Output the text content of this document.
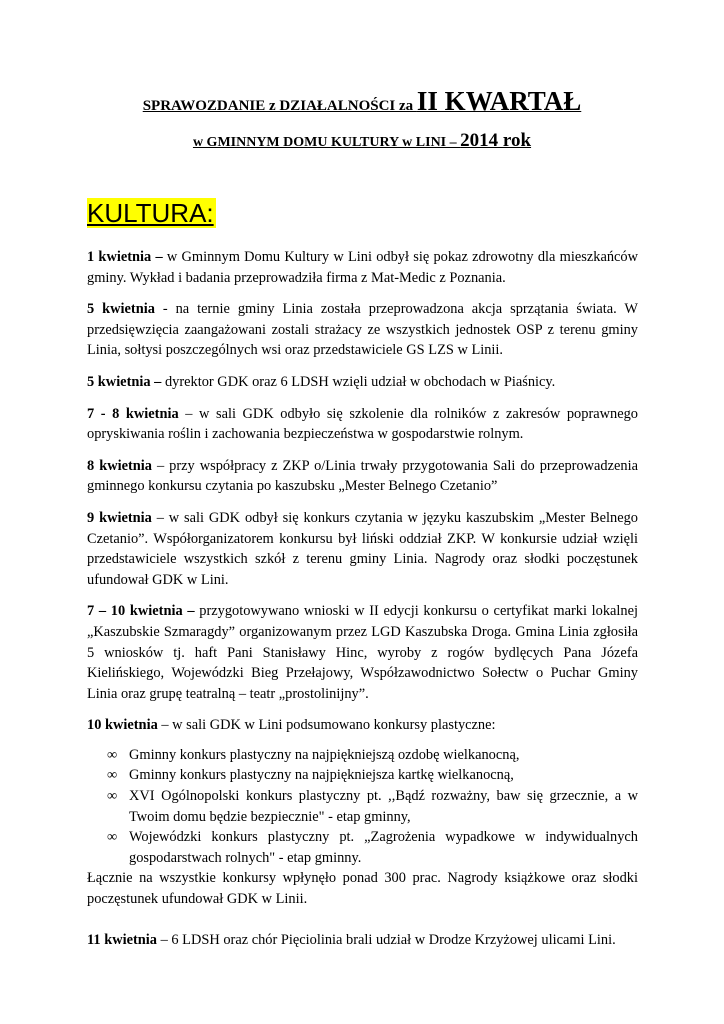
SPRAWOZDANIE z DZIAŁALNOŚCI za II KWARTAŁ
w GMINNYM DOMU KULTURY w LINI – 2014 rok
KULTURA:

1 kwietnia – w Gminnym Domu Kultury w Lini odbył się pokaz zdrowotny dla mieszkańców gminy. Wykład i badania przeprowadziła firma z Mat-Medic z Poznania.

5 kwietnia - na ternie gminy Linia została przeprowadzona akcja sprzątania świata. W przedsięwzięcia zaangażowani zostali strażacy ze wszystkich jednostek OSP z terenu gminy Linia, sołtysi poszczególnych wsi oraz przedstawiciele GS LZS w Linii.

5 kwietnia – dyrektor GDK oraz 6 LDSH wzięli udział w obchodach w Piaśnicy.

7 - 8 kwietnia – w sali GDK odbyło się szkolenie dla rolników z zakresów poprawnego opryskiwania roślin i zachowania bezpieczeństwa w gospodarstwie rolnym.

8 kwietnia – przy współpracy z ZKP o/Linia trwały przygotowania Sali do przeprowadzenia gminnego konkursu czytania po kaszubsku „Mester Belnego Czetanio”

9 kwietnia – w sali GDK odbył się konkurs czytania w języku kaszubskim „Mester Belnego Czetanio”. Współorganizatorem konkursu był liński oddział ZKP. W konkursie udział wzięli przedstawiciele wszystkich szkół z terenu gminy Linia. Nagrody oraz słodki poczęstunek ufundował GDK w Lini.

7 – 10 kwietnia – przygotowywano wnioski w II edycji konkursu o certyfikat marki lokalnej „Kaszubskie Szmaragdy” organizowanym przez LGD Kaszubska Droga. Gmina Linia zgłosiła 5 wniosków tj. haft Pani Stanisławy Hinc, wyroby z rogów bydlęcych Pana Józefa Kielińskiego, Wojewódzki Bieg Przełajowy, Współzawodnictwo Sołectw o Puchar Gminy Linia oraz grupę teatralną – teatr „prostolinijny”.

10 kwietnia – w sali GDK w Lini podsumowano konkursy plastyczne:

∞ Gminny konkurs plastyczny na najpiękniejszą ozdobę wielkanocną,
∞ Gminny konkurs plastyczny na najpiękniejsza kartkę wielkanocną,
∞ XVI Ogólnopolski konkurs plastyczny pt. ,,Bądź rozważny, baw się grzecznie, a w Twoim domu będzie bezpiecznie" - etap gminny,
∞ Wojewódzki konkurs plastyczny pt. „Zagrożenia wypadkowe w indywidualnych gospodarstwach rolnych" - etap gminny.

Łącznie na wszystkie konkursy wpłynęło ponad 300 prac. Nagrody książkowe oraz słodki poczęstunek ufundował GDK w Linii.

11 kwietnia – 6 LDSH oraz chór Pięciolinia brali udział w Drodze Krzyżowej ulicami Lini.
